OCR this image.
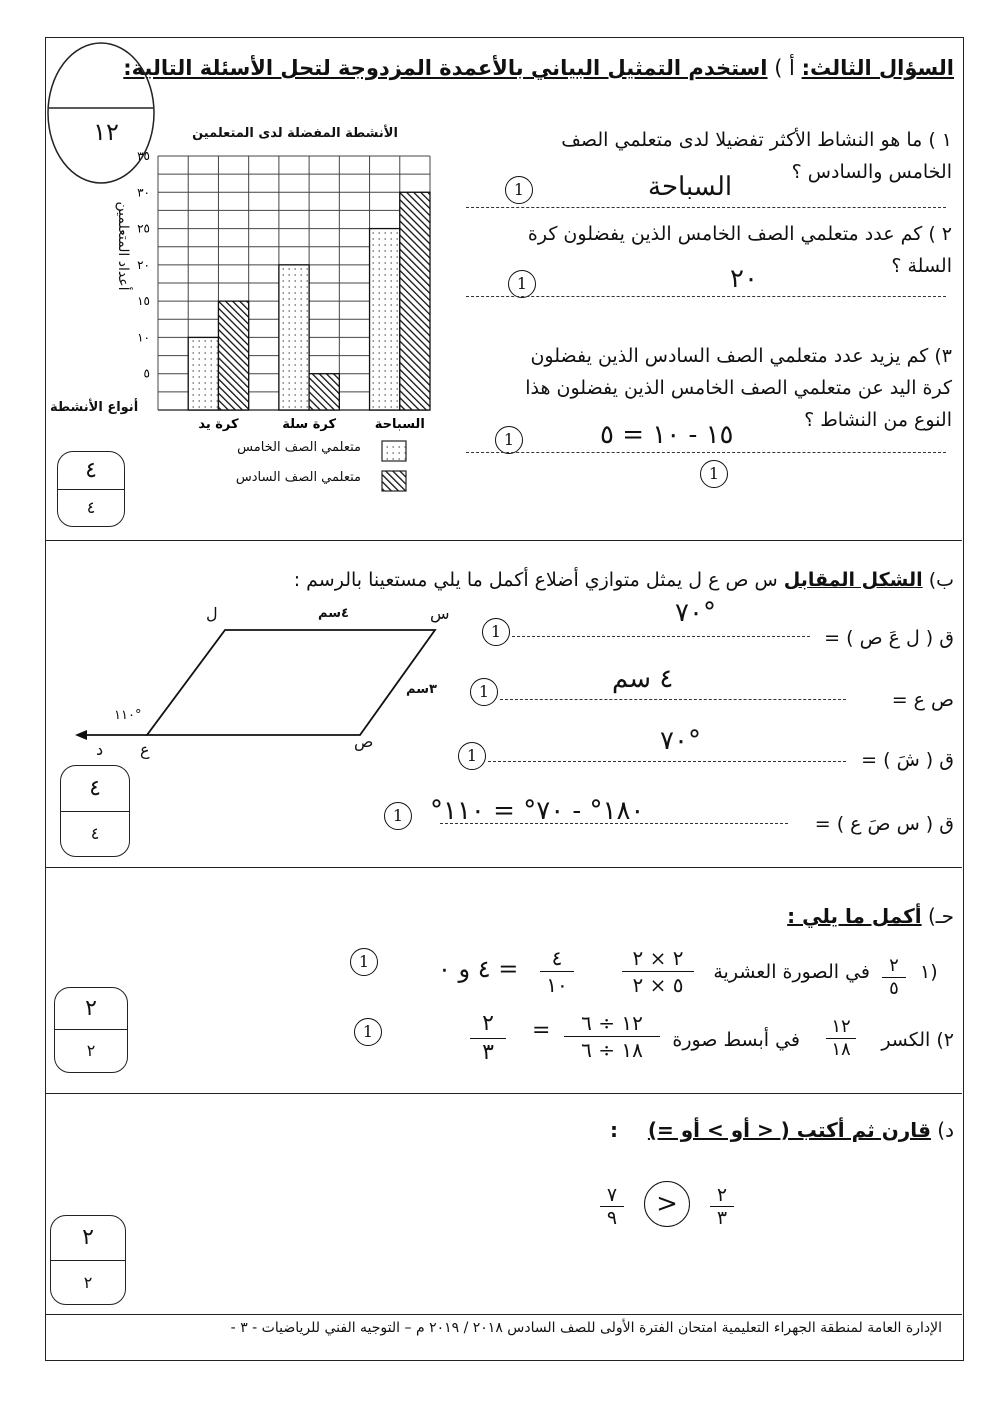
السؤال الثالث: أ ) استخدم التمثيل البياني بالأعمدة المزدوجة لتحل الأسئلة التالية:
١٢	١ ) ما هو النشاط الأكثر تفضيلا لدى متعلمي الصف
الخامس والسادس ؟
السباحة
1
٢ ) كم عدد متعلمي الصف الخامس الذين يفضلون كرة
السلة ؟
٢٠
1
٣) كم يزيد عدد متعلمي الصف السادس الذين يفضلون
كرة اليد عن متعلمي الصف الخامس الذين يفضلون هذا
النوع من النشاط ؟
١٥ - ١٠ = ٥
1
1
الأنشطة المفضلة لدى المتعلمين
أعداد المتعلمين
أنواع الأنشطة
٥
١٠
١٥
٢٠
٢٥
٣٠
٣٥
كرة يد	كرة سلة	السباحة
متعلمي الصف الخامس
متعلمي الصف السادس
٤
٤
ب) الشكل المقابل س ص ع ل يمثل متوازي أضلاع أكمل ما يلي مستعينا بالرسم :
ق ( ل عَ ص ) =
٧٠°
1
ص ع =
٤ سم
1
ق ( شَ ) =
٧٠°
1
ق ( س صَ ع ) =
١٨٠° - ٧٠° = ١١٠°
1
س
ل
ص
ع
د
٤سم
٣سم
١١٠°
٤
٤
حـ) أكمل ما يلي :
١)
٢
٥
في الصورة العشرية
٢ × ٢
٥ × ٢
٤
١٠
= ٤ و ٠
1
٢) الكسر
١٢
١٨
في أبسط صورة
١٢ ÷ ٦
١٨ ÷ ٦
=
٢
٣
1
٢
٢
د) قارن ثم أكتب ( < أو > أو =)
:
٢
٣
>
٧
٩
٢
٢
الإدارة العامة لمنطقة الجهراء التعليمية امتحان الفترة الأولى للصف السادس ٢٠١٨ / ٢٠١٩ م – التوجيه الفني للرياضيات - ٣ -
